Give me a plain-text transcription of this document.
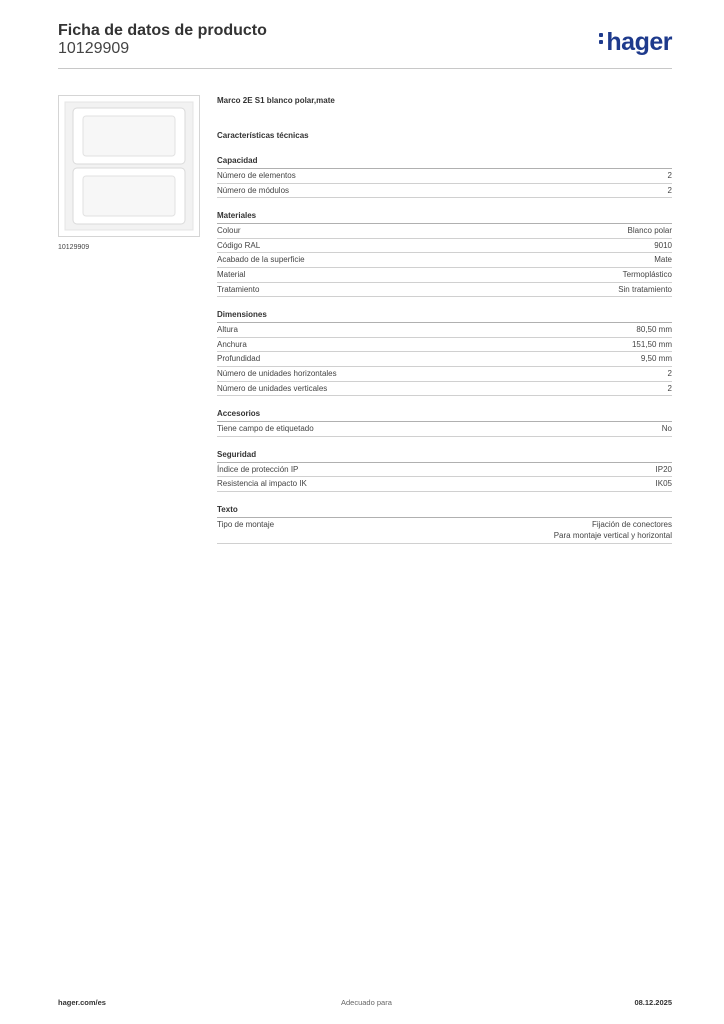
Ficha de datos de producto
10129909	hager
10129909
Marco 2E S1 blanco polar,mate
Características técnicas
Capacidad
Número de elementos	2
Número de módulos	2
Materiales
Colour	Blanco polar
Código RAL	9010
Acabado de la superficie	Mate
Material	Termoplástico
Tratamiento	Sin tratamiento
Dimensiones
Altura	80,50 mm
Anchura	151,50 mm
Profundidad	9,50 mm
Número de unidades horizontales	2
Número de unidades verticales	2
Accesorios
Tiene campo de etiquetado	No
Seguridad
Índice de protección IP	IP20
Resistencia al impacto IK	IK05
Texto
Tipo de montaje	Fijación de conectores
Para montaje vertical y horizontal
hager.com/es	Adecuado para	08.12.2025
